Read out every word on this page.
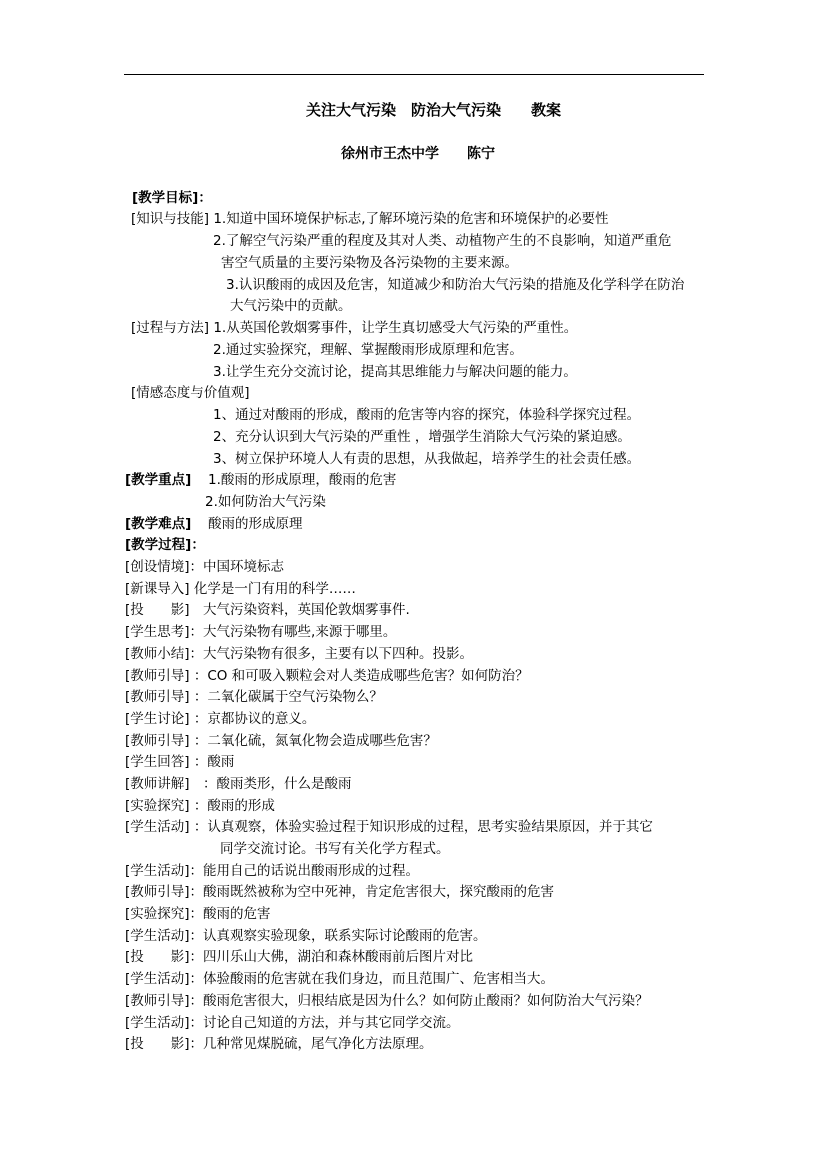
关注大气污染　防治大气污染　　教案
徐州市王杰中学　　陈宁
[教学目标]：
[知识与技能] 1.知道中国环境保护标志,了解环境污染的危害和环境保护的必要性
2.了解空气污染严重的程度及其对人类、动植物产生的不良影响，知道严重危
害空气质量的主要污染物及各污染物的主要来源。
3.认识酸雨的成因及危害，知道减少和防治大气污染的措施及化学科学在防治
大气污染中的贡献。
[过程与方法] 1.从英国伦敦烟雾事件，让学生真切感受大气污染的严重性。
2.通过实验探究，理解、掌握酸雨形成原理和危害。
3.让学生充分交流讨论，提高其思维能力与解决问题的能力。
[情感态度与价值观]
1、通过对酸雨的形成，酸雨的危害等内容的探究，体验科学探究过程。
2、充分认识到大气污染的严重性 ，增强学生消除大气污染的紧迫感。
3、树立保护环境人人有责的思想，从我做起，培养学生的社会责任感。
[教学重点] 1.酸雨的形成原理，酸雨的危害
2.如何防治大气污染
[教学难点] 酸雨的形成原理
[教学过程]：
[创设情境]：中国环境标志
[新课导入] 化学是一门有用的科学……
[投　　影]　大气污染资料，英国伦敦烟雾事件.
[学生思考]：大气污染物有哪些,来源于哪里。
[教师小结]：大气污染物有很多，主要有以下四种。投影。
[教师引导] ：CO 和可吸入颗粒会对人类造成哪些危害？如何防治？
[教师引导] ：二氧化碳属于空气污染物么？
[学生讨论] ：京都协议的意义。
[教师引导] ：二氧化硫，氮氧化物会造成哪些危害？
[学生回答] ：酸雨
[教师讲解]　：酸雨类形，什么是酸雨
[实验探究] ：酸雨的形成
[学生活动] ：认真观察，体验实验过程于知识形成的过程，思考实验结果原因，并于其它
同学交流讨论。书写有关化学方程式。
[学生活动]：能用自己的话说出酸雨形成的过程。
[教师引导]：酸雨既然被称为空中死神，肯定危害很大，探究酸雨的危害
[实验探究]：酸雨的危害
[学生活动]：认真观察实验现象，联系实际讨论酸雨的危害。
[投　　影]：四川乐山大佛，湖泊和森林酸雨前后图片对比
[学生活动]：体验酸雨的危害就在我们身边，而且范围广、危害相当大。
[教师引导]：酸雨危害很大，归根结底是因为什么？如何防止酸雨？如何防治大气污染？
[学生活动]：讨论自己知道的方法，并与其它同学交流。
[投　　影]：几种常见煤脱硫，尾气净化方法原理。
